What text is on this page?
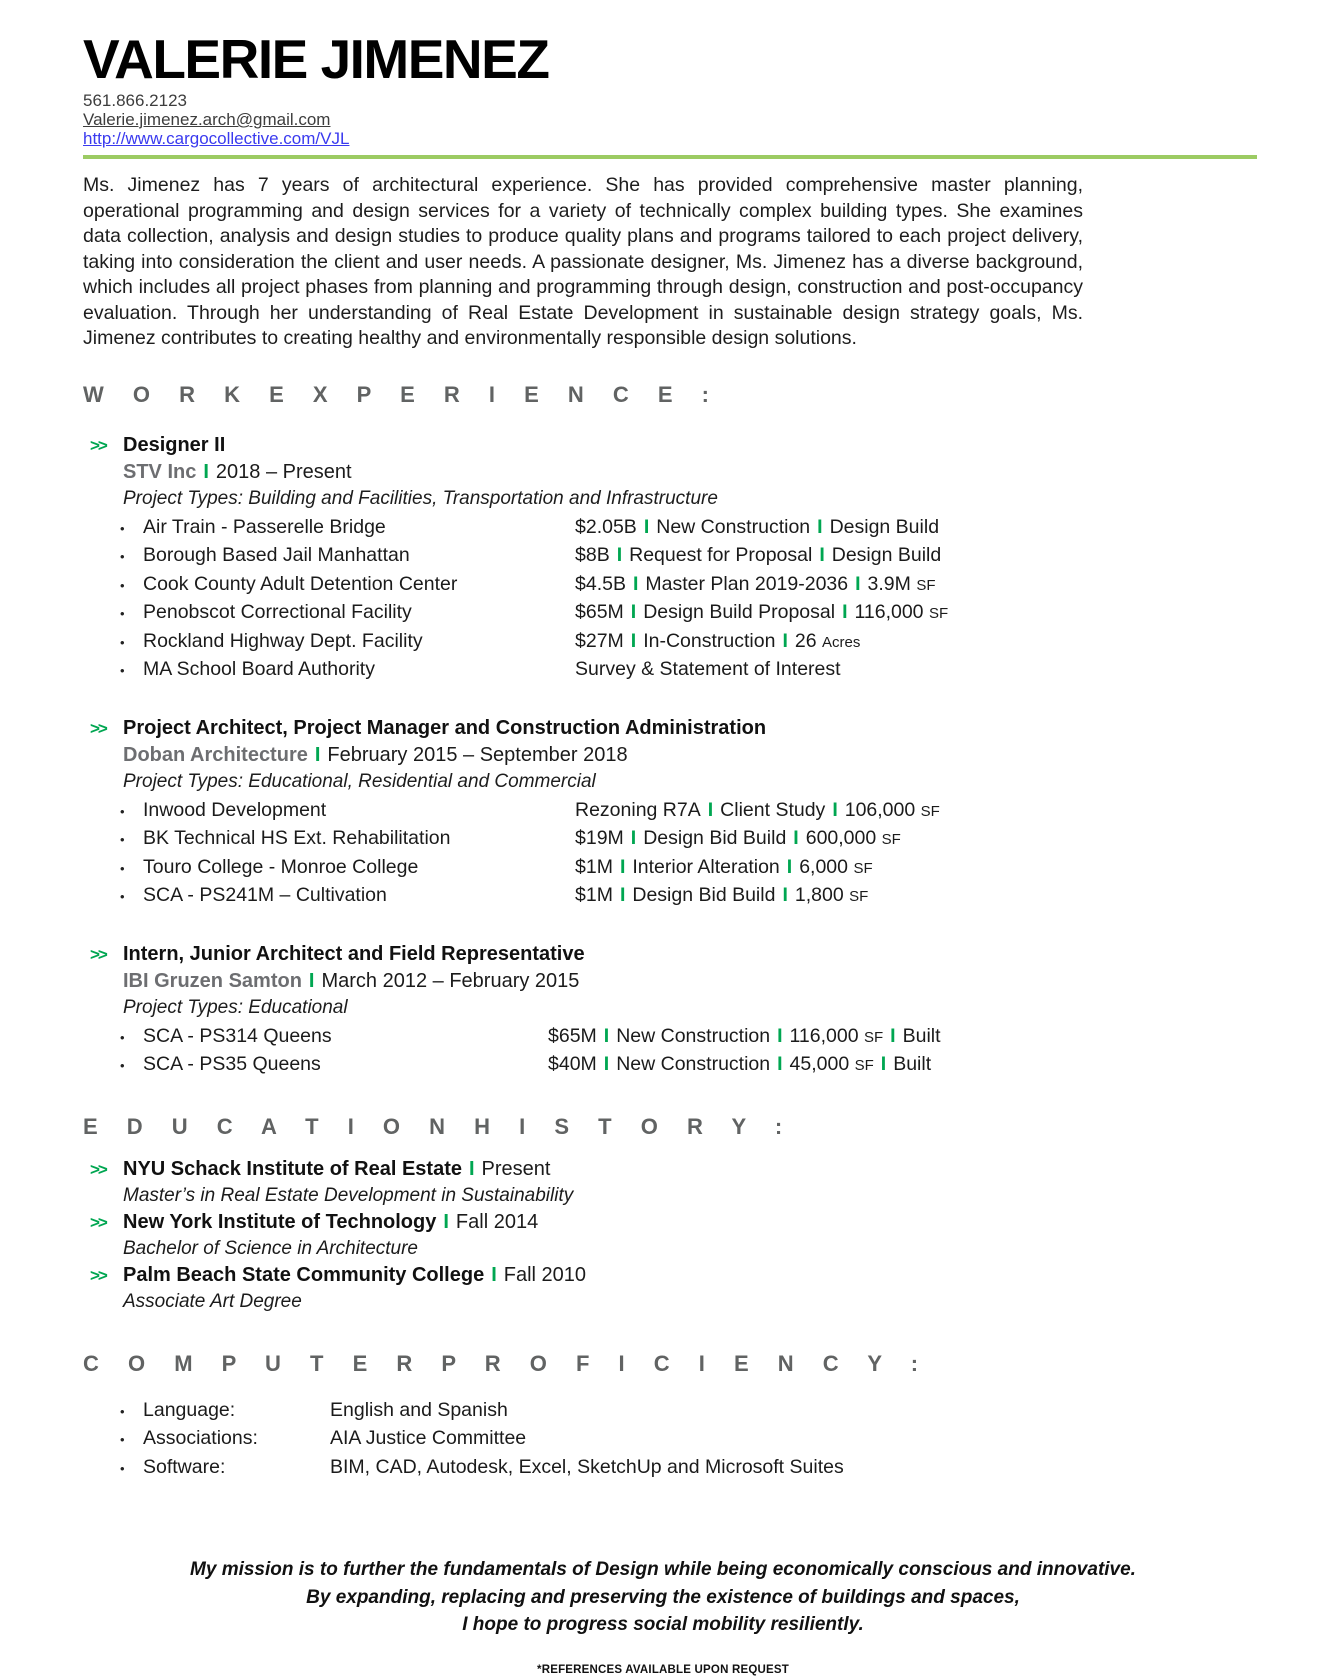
VALERIE JIMENEZ
561.866.2123
Valerie.jimenez.arch@gmail.com
http://www.cargocollective.com/VJL

Ms. Jimenez has 7 years of architectural experience. She has provided comprehensive master planning, operational programming and design services for a variety of technically complex building types. She examines data collection, analysis and design studies to produce quality plans and programs tailored to each project delivery, taking into consideration the client and user needs. A passionate designer, Ms. Jimenez has a diverse background, which includes all project phases from planning and programming through design, construction and post-occupancy evaluation. Through her understanding of Real Estate Development in sustainable design strategy goals, Ms. Jimenez contributes to creating healthy and environmentally responsible design solutions.

W O R K E X P E R I E N C E :
>> Designer II
STV Inc I 2018 – Present
Project Types: Building and Facilities, Transportation and Infrastructure
• Air Train - Passerelle Bridge	$2.05B I New Construction I Design Build
• Borough Based Jail Manhattan	$8B I Request for Proposal I Design Build
• Cook County Adult Detention Center	$4.5B I Master Plan 2019-2036 I 3.9M SF
• Penobscot Correctional Facility	$65M I Design Build Proposal I 116,000 SF
• Rockland Highway Dept. Facility	$27M I In-Construction I 26 Acres
• MA School Board Authority	Survey & Statement of Interest
>> Project Architect, Project Manager and Construction Administration
Doban Architecture I February 2015 – September 2018
Project Types: Educational, Residential and Commercial
• Inwood Development	Rezoning R7A I Client Study I 106,000 SF
• BK Technical HS Ext. Rehabilitation	$19M I Design Bid Build I 600,000 SF
• Touro College - Monroe College	$1M I Interior Alteration I 6,000 SF
• SCA - PS241M – Cultivation	$1M I Design Bid Build I 1,800 SF
>> Intern, Junior Architect and Field Representative
IBI Gruzen Samton I March 2012 – February 2015
Project Types: Educational
• SCA - PS314 Queens	$65M I New Construction I 116,000 SF I Built
• SCA - PS35 Queens	$40M I New Construction I 45,000 SF I Built
E D U C A T I O N H I S T O R Y :
>> NYU Schack Institute of Real Estate I Present
Master’s in Real Estate Development in Sustainability
>> New York Institute of Technology I Fall 2014
Bachelor of Science in Architecture
>> Palm Beach State Community College I Fall 2010
Associate Art Degree
C O M P U T E R P R O F I C I E N C Y :
• Language:	English and Spanish
• Associations:	AIA Justice Committee
• Software:	BIM, CAD, Autodesk, Excel, SketchUp and Microsoft Suites
My mission is to further the fundamentals of Design while being economically conscious and innovative.
By expanding, replacing and preserving the existence of buildings and spaces,
I hope to progress social mobility resiliently.
*REFERENCES AVAILABLE UPON REQUEST
